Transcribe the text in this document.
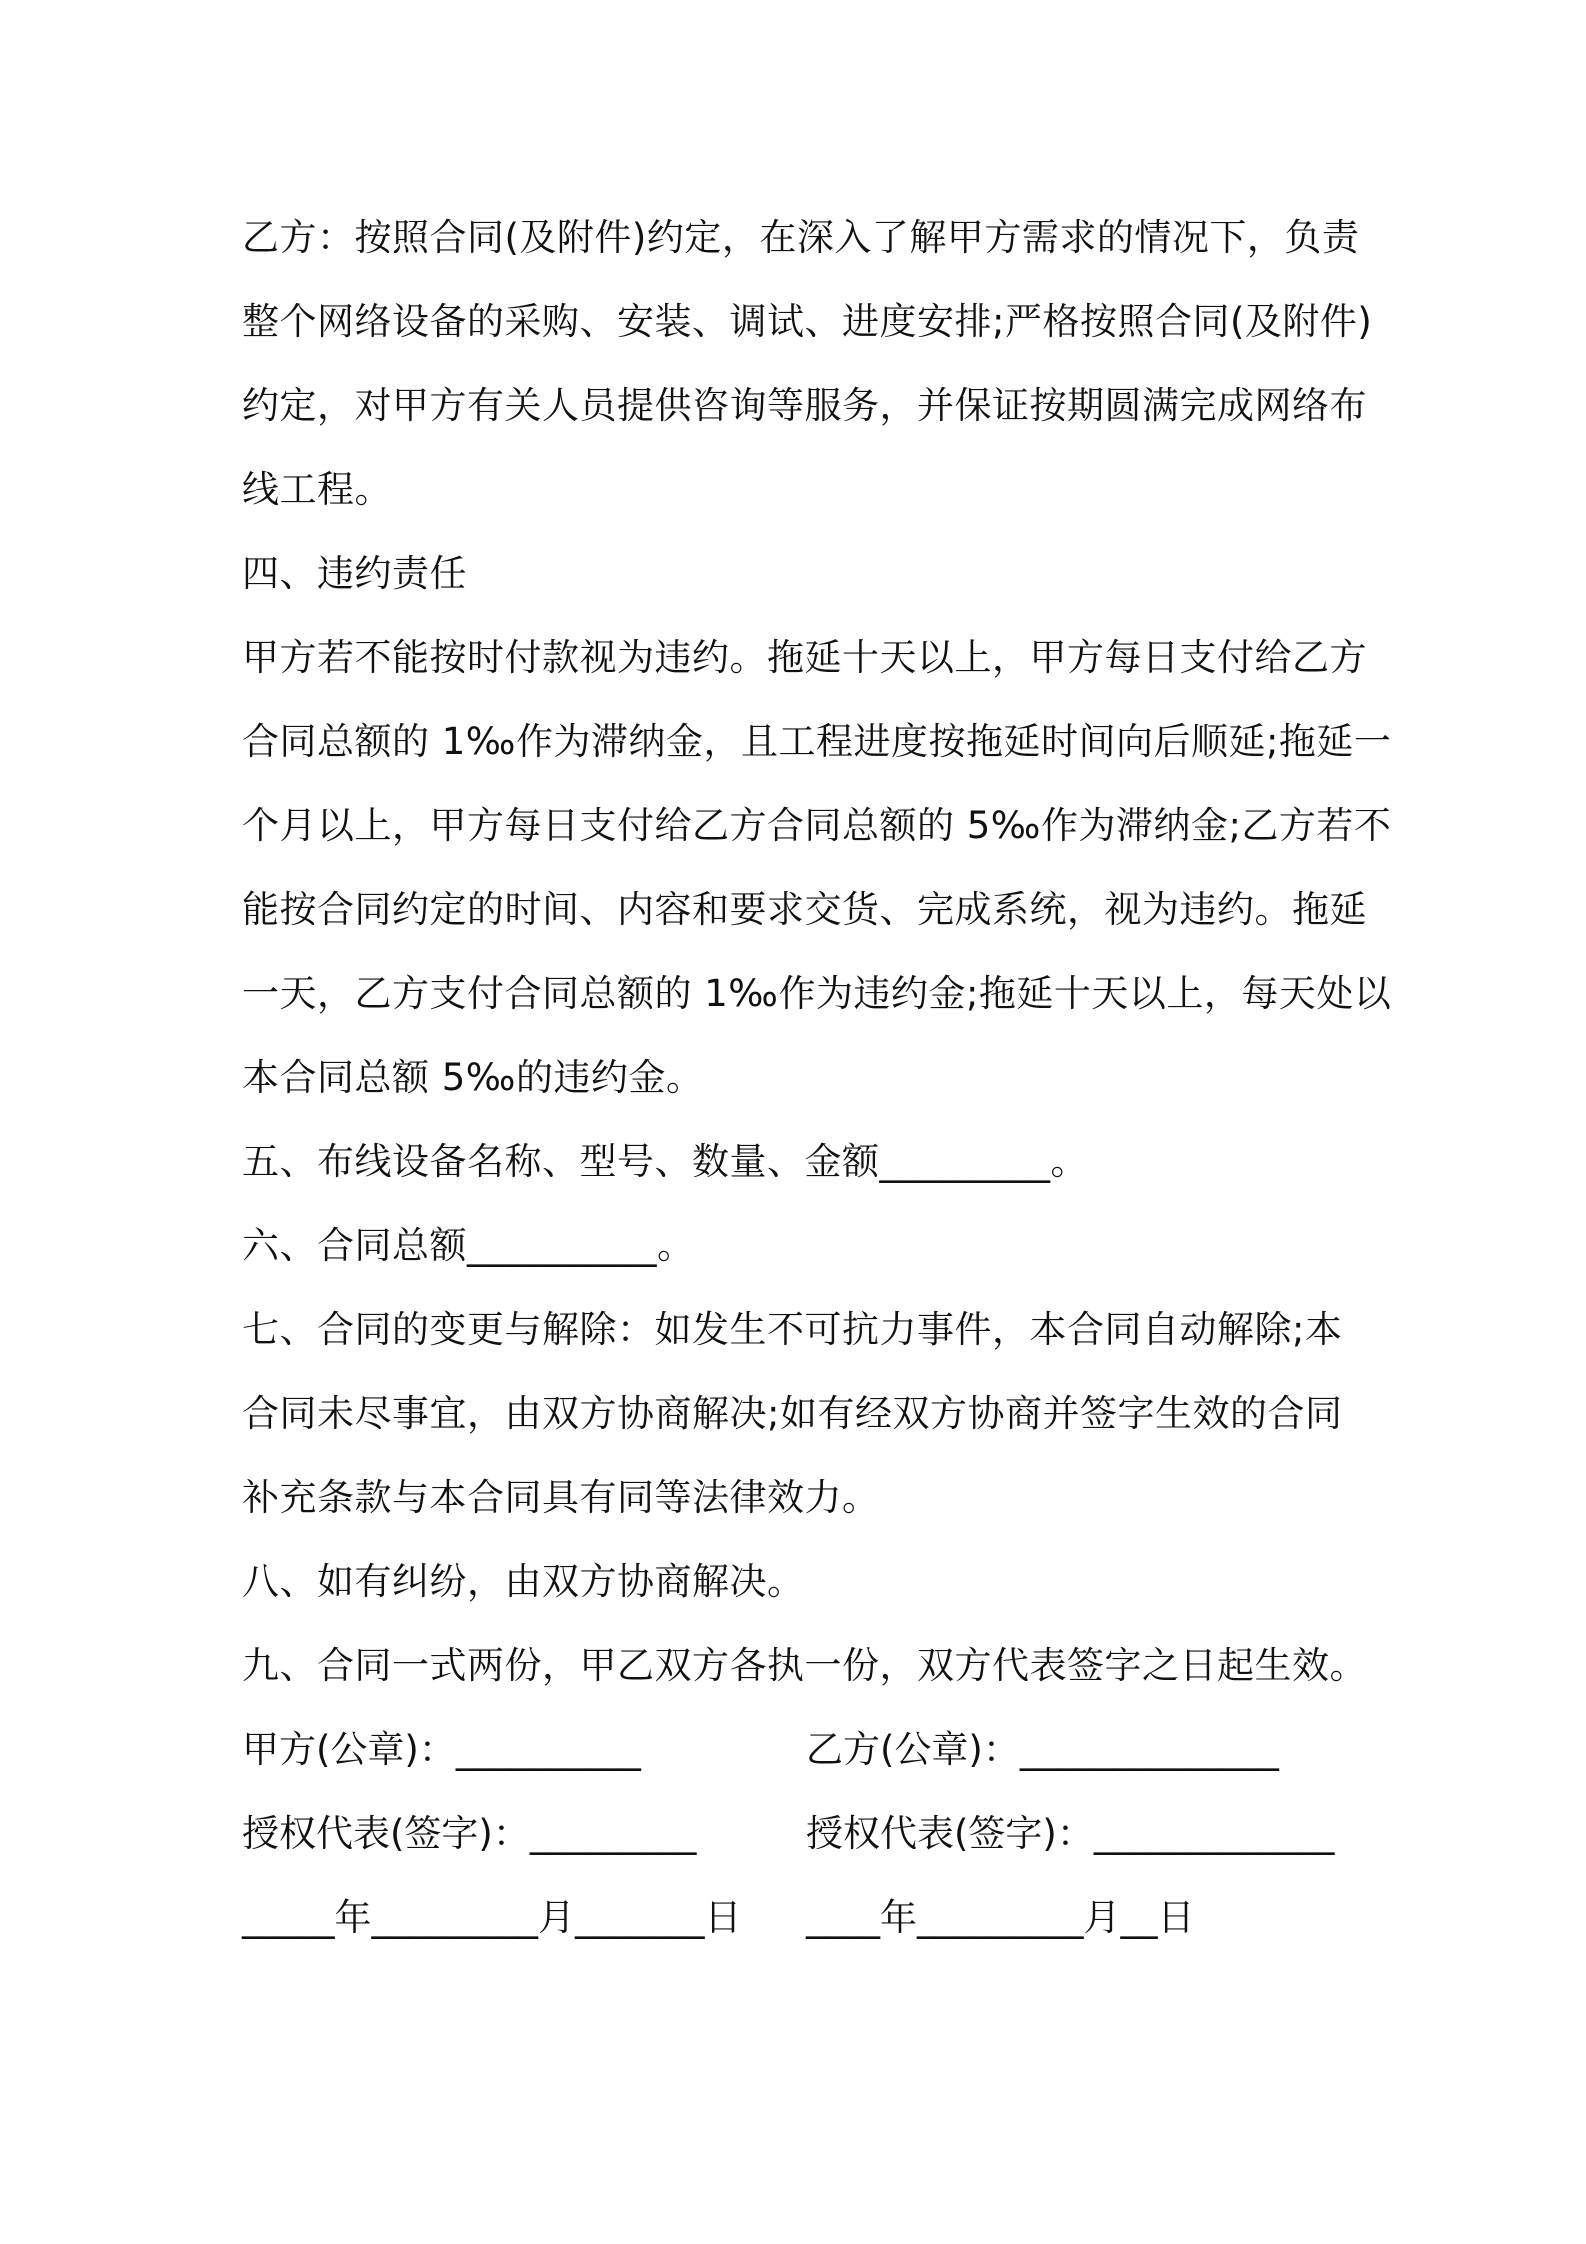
乙方：按照合同(及附件)约定，在深入了解甲方需求的情况下，负责
整个网络设备的采购、安装、调试、进度安排;严格按照合同(及附件)
约定，对甲方有关人员提供咨询等服务，并保证按期圆满完成网络布
线工程。
四、违约责任
甲方若不能按时付款视为违约。拖延十天以上，甲方每日支付给乙方
合同总额的 1‰作为滞纳金，且工程进度按拖延时间向后顺延;拖延一
个月以上，甲方每日支付给乙方合同总额的 5‰作为滞纳金;乙方若不
能按合同约定的时间、内容和要求交货、完成系统，视为违约。拖延
一天，乙方支付合同总额的 1‰作为违约金;拖延十天以上，每天处以
本合同总额 5‰的违约金。
五、布线设备名称、型号、数量、金额_________。
六、合同总额__________。
七、合同的变更与解除：如发生不可抗力事件，本合同自动解除;本
合同未尽事宜，由双方协商解决;如有经双方协商并签字生效的合同
补充条款与本合同具有同等法律效力。
八、如有纠纷，由双方协商解决。
九、合同一式两份，甲乙双方各执一份，双方代表签字之日起生效。
甲方(公章)：__________	乙方(公章)：______________
授权代表(签字)：_________	授权代表(签字)：_____________
_____年_________月_______日 ____年_________月__日
